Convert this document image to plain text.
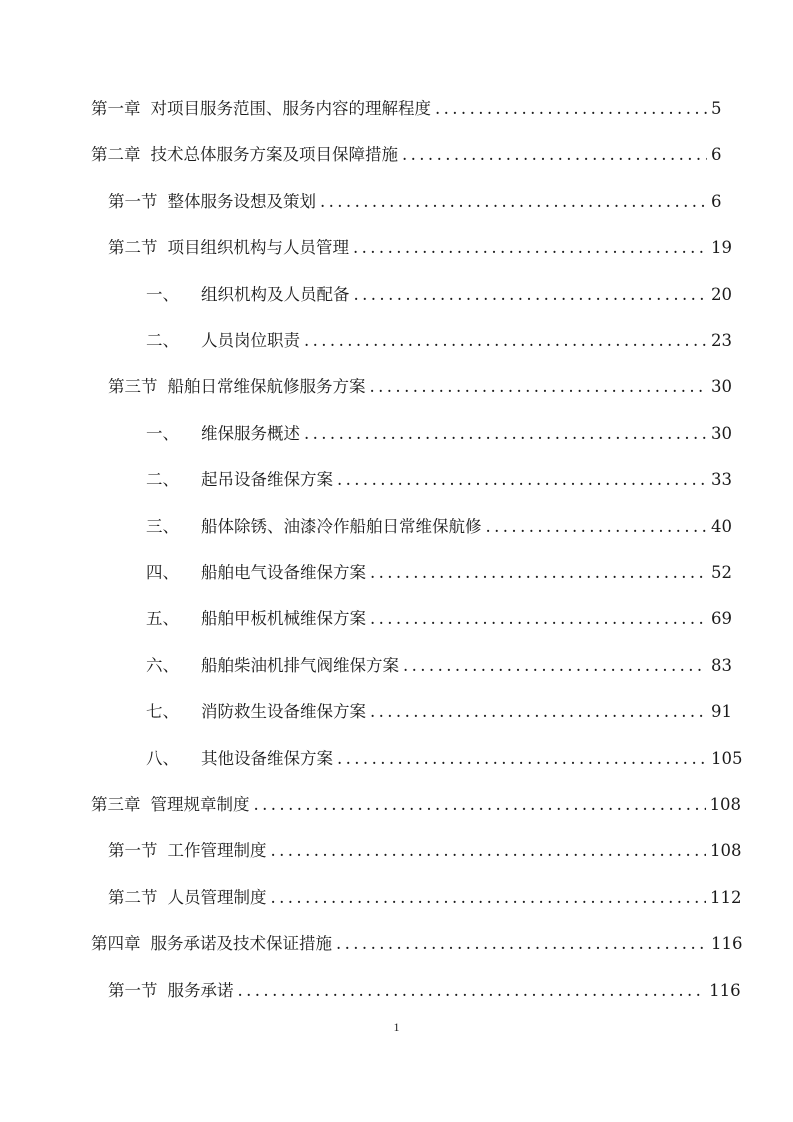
第一章 对项目服务范围、服务内容的理解程度 .....	5
第二章 技术总体服务方案及项目保障措施 .....	6
第一节 整体服务设想及策划 .....	6
第二节 项目组织机构与人员管理 .....	19
一、 组织机构及人员配备 .....	20
二、 人员岗位职责 .....	23
第三节 船舶日常维保航修服务方案 .....	30
一、 维保服务概述 .....	30
二、 起吊设备维保方案 .....	33
三、 船体除锈、油漆冷作船舶日常维保航修 .....	40
四、 船舶电气设备维保方案 .....	52
五、 船舶甲板机械维保方案 .....	69
六、 船舶柴油机排气阀维保方案 .....	83
七、 消防救生设备维保方案 .....	91
八、 其他设备维保方案 .....	105
第三章 管理规章制度 .....	108
第一节 工作管理制度 .....	108
第二节 人员管理制度 .....	112
第四章 服务承诺及技术保证措施 .....	116
第一节 服务承诺 .....	116
1
